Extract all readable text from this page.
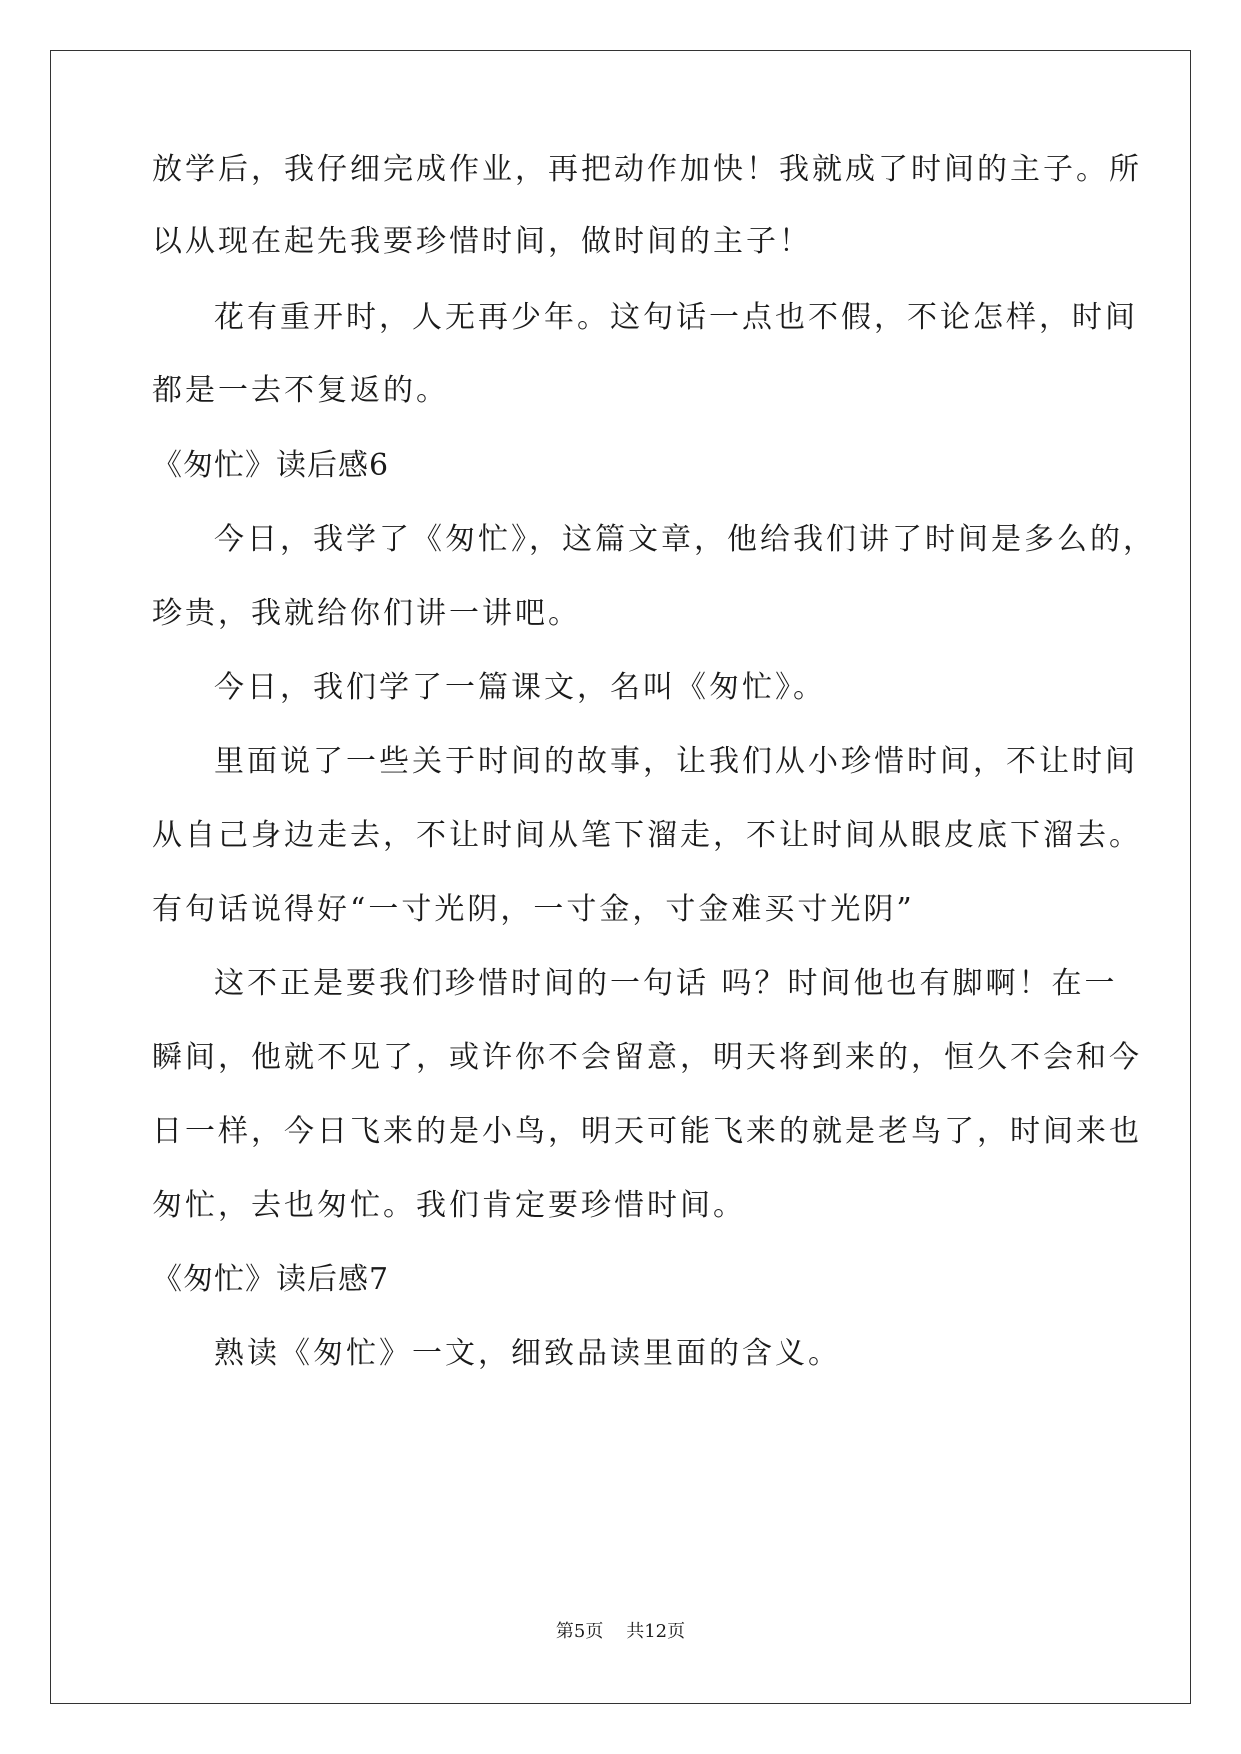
放学后，我仔细完成作业，再把动作加快！我就成了时间的主子。所
以从现在起先我要珍惜时间，做时间的主子！
花有重开时，人无再少年。这句话一点也不假，不论怎样，时间
都是一去不复返的。
《匆忙》读后感6
今日，我学了《匆忙》，这篇文章，他给我们讲了时间是多么的，
珍贵，我就给你们讲一讲吧。
今日，我们学了一篇课文，名叫《匆忙》。
里面说了一些关于时间的故事，让我们从小珍惜时间，不让时间
从自己身边走去，不让时间从笔下溜走，不让时间从眼皮底下溜去。
有句话说得好“一寸光阴，一寸金，寸金难买寸光阴”
这不正是要我们珍惜时间的一句话 吗？时间他也有脚啊！在一
瞬间，他就不见了，或许你不会留意，明天将到来的，恒久不会和今
日一样，今日飞来的是小鸟，明天可能飞来的就是老鸟了，时间来也
匆忙，去也匆忙。我们肯定要珍惜时间。
《匆忙》读后感7
熟读《匆忙》一文，细致品读里面的含义。
第5页    共12页
